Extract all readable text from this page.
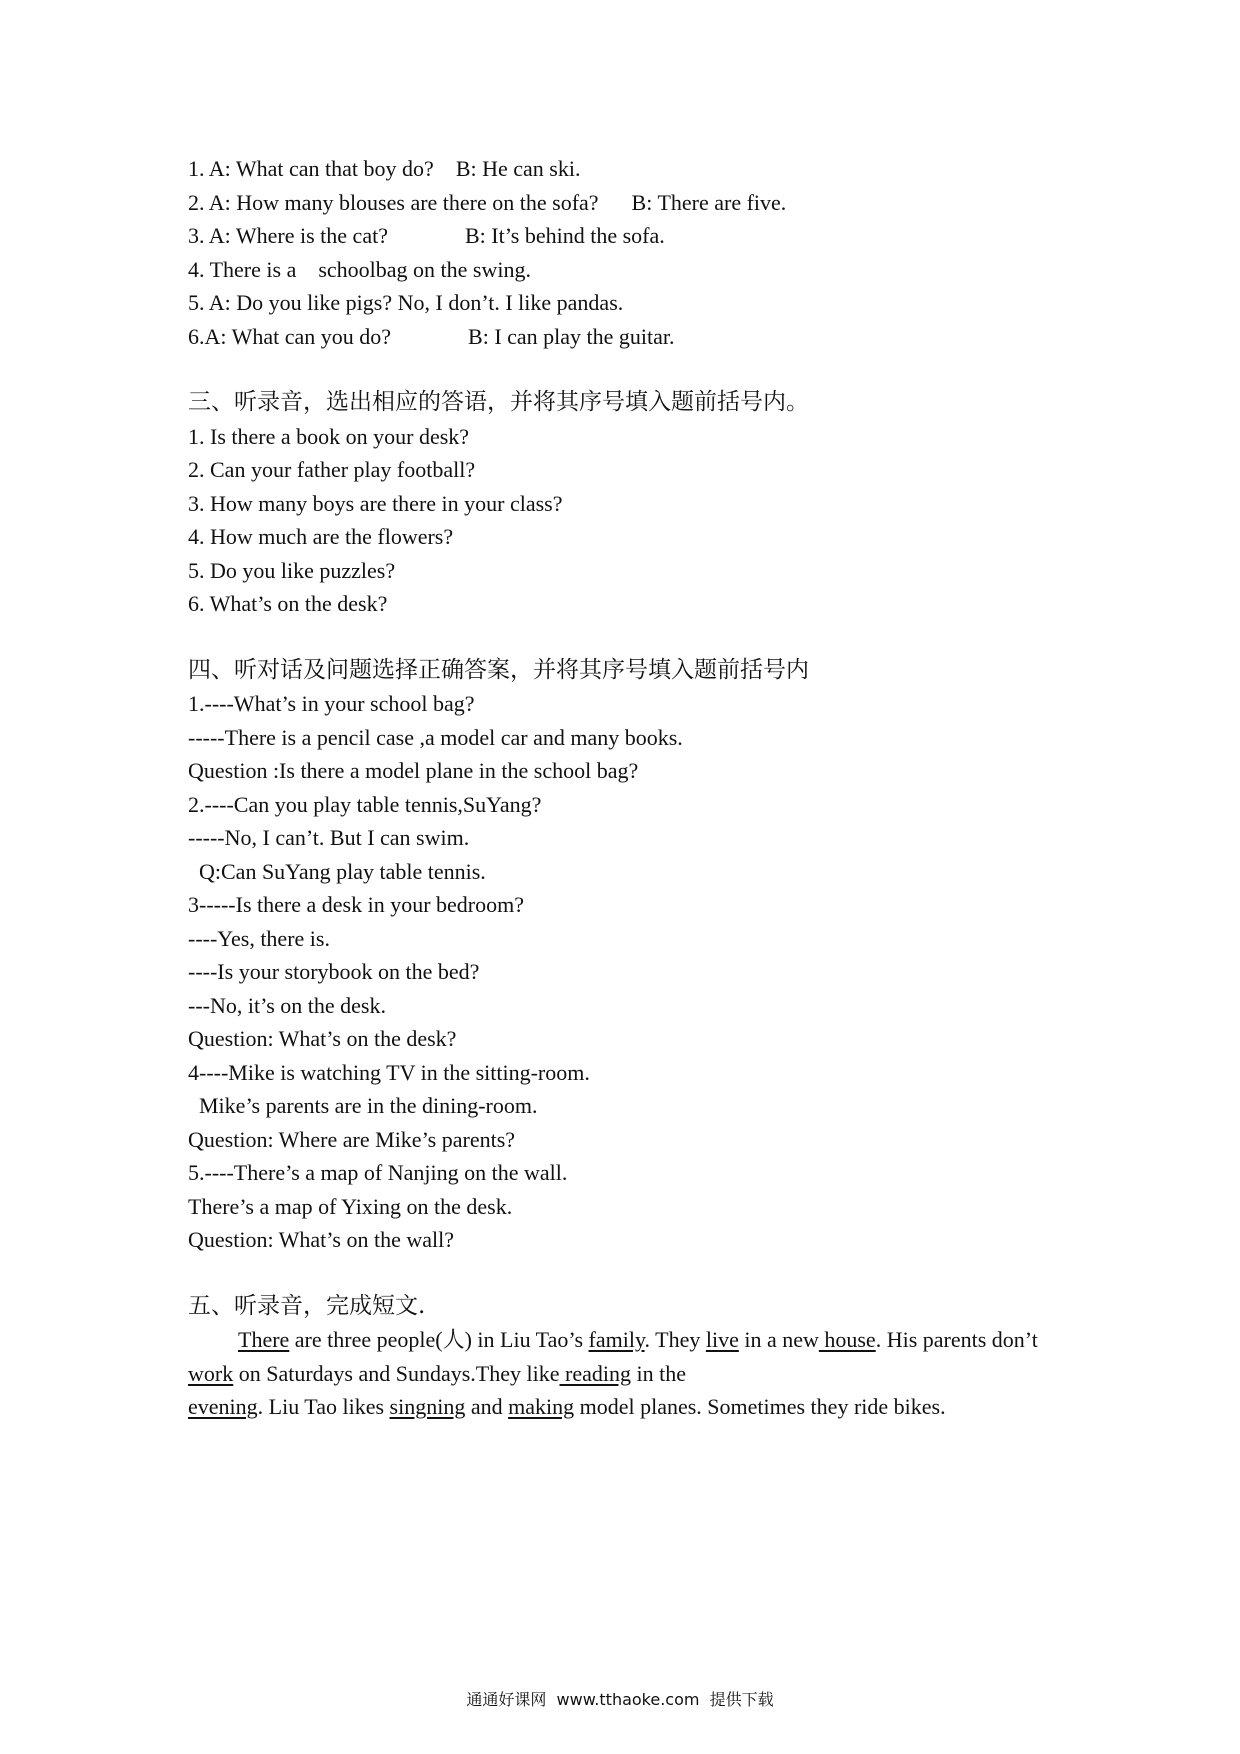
1. A: What can that boy do?    B: He can ski.

2. A: How many blouses are there on the sofa?      B: There are five.

3. A: Where is the cat?              B: It’s behind the sofa.

4. There is a    schoolbag on the swing.

5. A: Do you like pigs? No, I don’t. I like pandas.

6.A: What can you do?              B: I can play the guitar.

三、听录音，选出相应的答语，并将其序号填入题前括号内。

1. Is there a book on your desk?

2. Can your father play football?

3. How many boys are there in your class?

4. How much are the flowers?

5. Do you like puzzles?

6. What’s on the desk?

四、听对话及问题选择正确答案，并将其序号填入题前括号内

1.----What’s in your school bag?

-----There is a pencil case ,a model car and many books.

Question :Is there a model plane in the school bag?

2.----Can you play table tennis,SuYang?

-----No, I can’t. But I can swim.

Q:Can SuYang play table tennis.

3-----Is there a desk in your bedroom?

----Yes, there is.

----Is your storybook on the bed?

---No, it’s on the desk.

Question: What’s on the desk?

4----Mike is watching TV in the sitting-room.

Mike’s parents are in the dining-room.

Question: Where are Mike’s parents?

5.----There’s a map of Nanjing on the wall.

There’s a map of Yixing on the desk.

Question: What’s on the wall?

五、听录音，完成短文.

There are three people(人) in Liu Tao’s family. They live in a new house. His parents don’t work on Saturdays and Sundays.They like reading in the
evening. Liu Tao likes singning and making model planes. Sometimes they ride bikes.

通通好课网  www.tthaoke.com  提供下载
